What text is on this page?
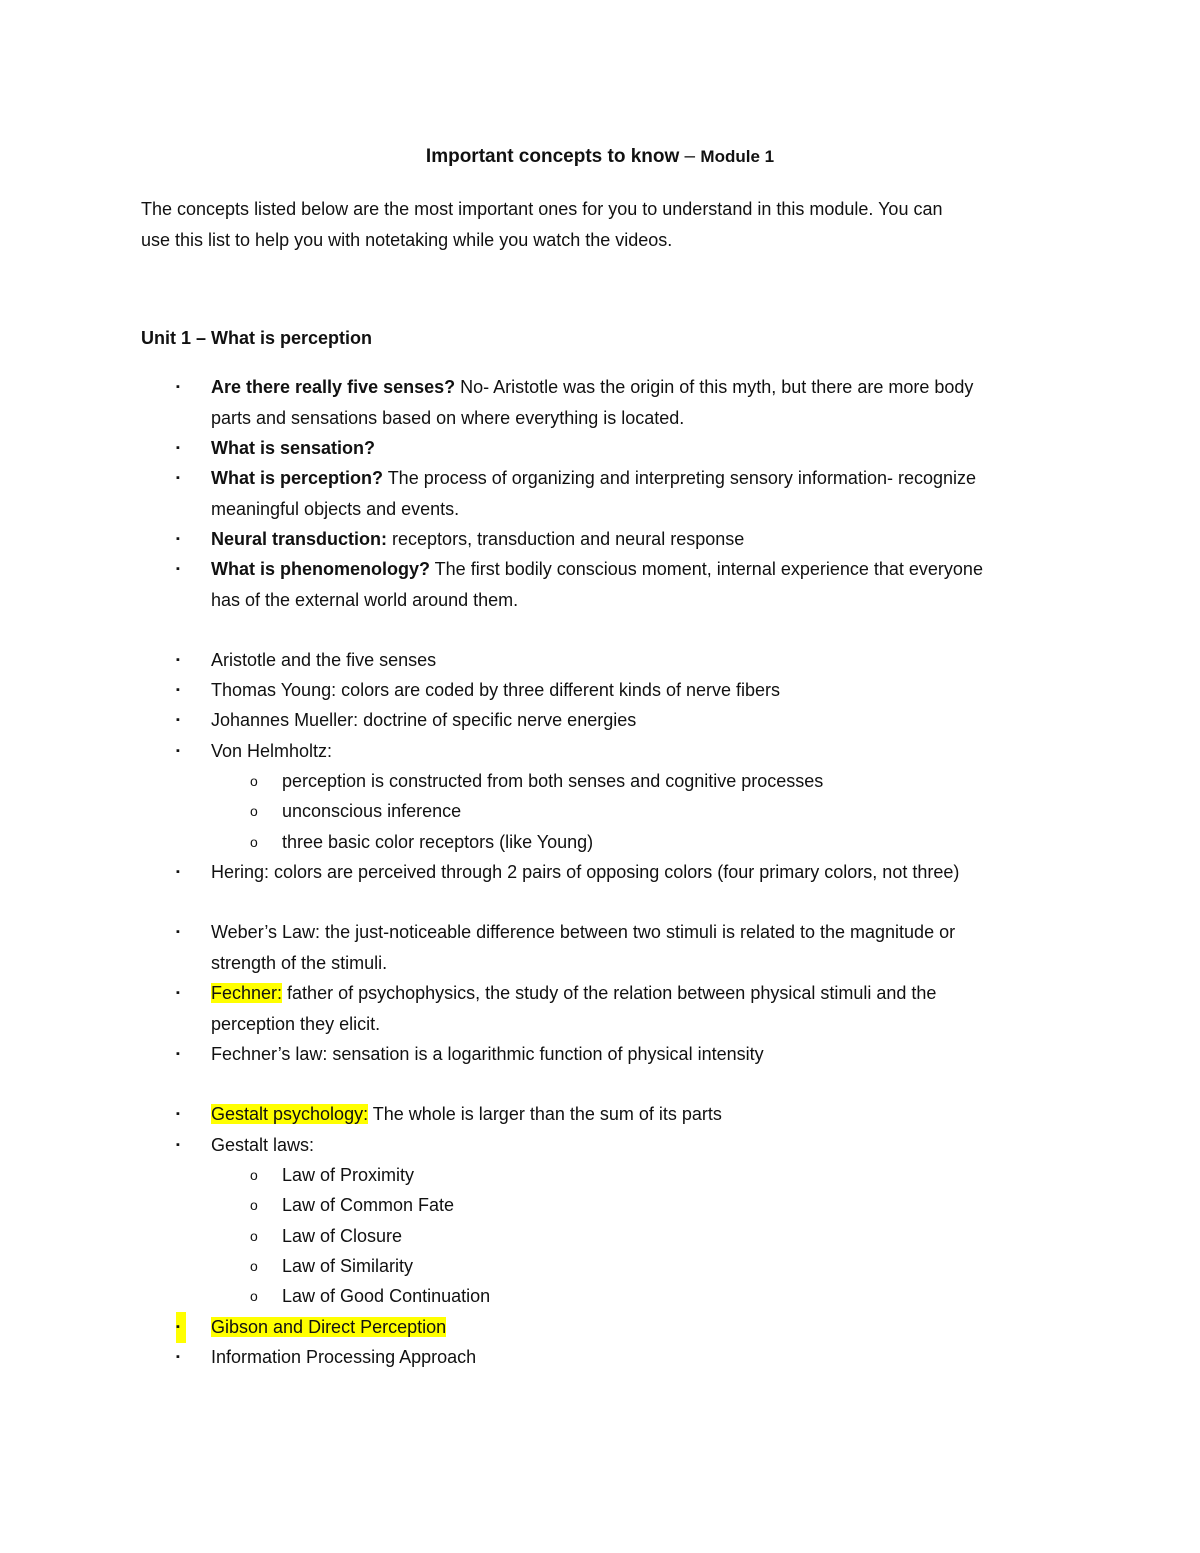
Important concepts to know – Module 1

The concepts listed below are the most important ones for you to understand in this module. You can

use this list to help you with notetaking while you watch the videos.

Unit 1 – What is perception
▪	Are there really five senses? No- Aristotle was the origin of this myth, but there are more body
parts and sensations based on where everything is located.
▪	What is sensation?
▪	What is perception? The process of organizing and interpreting sensory information- recognize
meaningful objects and events.
▪	Neural transduction: receptors, transduction and neural response
▪	What is phenomenology? The first bodily conscious moment, internal experience that everyone
has of the external world around them.
▪	Aristotle and the five senses
▪	Thomas Young: colors are coded by three different kinds of nerve fibers
▪	Johannes Mueller: doctrine of specific nerve energies
▪	Von Helmholtz:
o perception is constructed from both senses and cognitive processes
o unconscious inference
o three basic color receptors (like Young)
▪	Hering: colors are perceived through 2 pairs of opposing colors (four primary colors, not three)
▪	Weber’s Law: the just-noticeable difference between two stimuli is related to the magnitude or
strength of the stimuli.
▪	Fechner: father of psychophysics, the study of the relation between physical stimuli and the
perception they elicit.
▪	Fechner’s law: sensation is a logarithmic function of physical intensity
▪	Gestalt psychology: The whole is larger than the sum of its parts
▪	Gestalt laws:
o Law of Proximity
o Law of Common Fate
o Law of Closure
o Law of Similarity
o Law of Good Continuation
▪	Gibson and Direct Perception
▪	Information Processing Approach
